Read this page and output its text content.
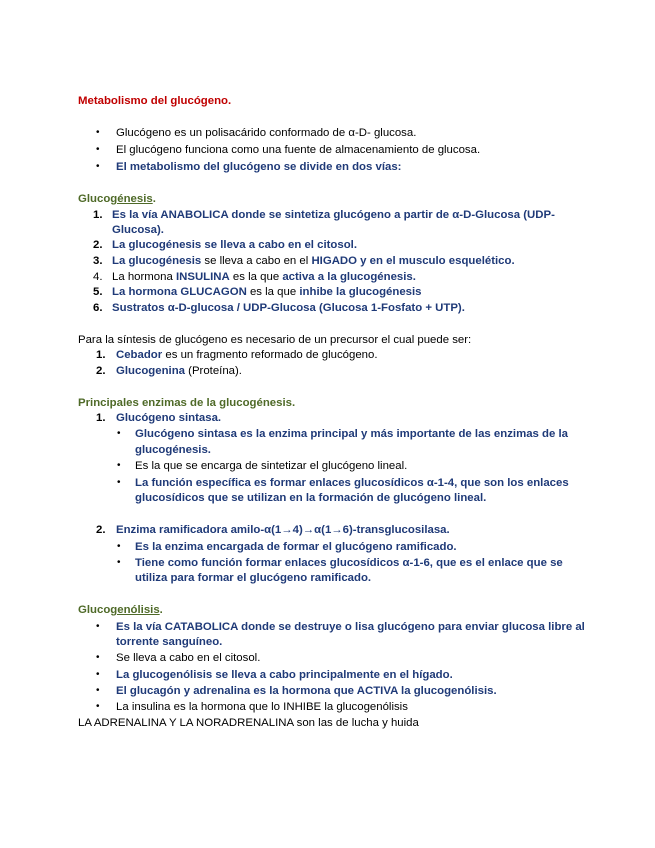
Metabolismo del glucógeno.
• Glucógeno es un polisacárido conformado de α-D- glucosa.
• El glucógeno funciona como una fuente de almacenamiento de glucosa.
• El metabolismo del glucógeno se divide en dos vías:
Glucogénesis.
1. Es la vía ANABOLICA donde se sintetiza glucógeno a partir de α-D-Glucosa (UDP-
Glucosa).
2. La glucogénesis se lleva a cabo en el citosol.
3. La glucogénesis se lleva a cabo en el HIGADO y en el musculo esquelético.
4. La hormona INSULINA es la que activa a la glucogénesis.
5. La hormona GLUCAGON es la que inhibe la glucogénesis
6. Sustratos α-D-glucosa / UDP-Glucosa (Glucosa 1-Fosfato + UTP).
Para la síntesis de glucógeno es necesario de un precursor el cual puede ser:
1. Cebador es un fragmento reformado de glucógeno.
2. Glucogenina (Proteína).
Principales enzimas de la glucogénesis.
1. Glucógeno sintasa.
• Glucógeno sintasa es la enzima principal y más importante de las enzimas de la
glucogénesis.
• Es la que se encarga de sintetizar el glucógeno lineal.
• La función específica es formar enlaces glucosídicos α-1-4, que son los enlaces
glucosídicos que se utilizan en la formación de glucógeno lineal.
2. Enzima ramificadora amilo-α(1→4)→α(1→6)-transglucosilasa.
• Es la enzima encargada de formar el glucógeno ramificado.
• Tiene como función formar enlaces glucosídicos α-1-6, que es el enlace que se
utiliza para formar el glucógeno ramificado.
Glucogenólisis.
• Es la vía CATABOLICA donde se destruye o lisa glucógeno para enviar glucosa libre al
torrente sanguíneo.
• Se lleva a cabo en el citosol.
• La glucogenólisis se lleva a cabo principalmente en el hígado.
• El glucagón y adrenalina es la hormona que ACTIVA la glucogenólisis.
• La insulina es la hormona que lo INHIBE la glucogenólisis
LA ADRENALINA Y LA NORADRENALINA son las de lucha y huida
